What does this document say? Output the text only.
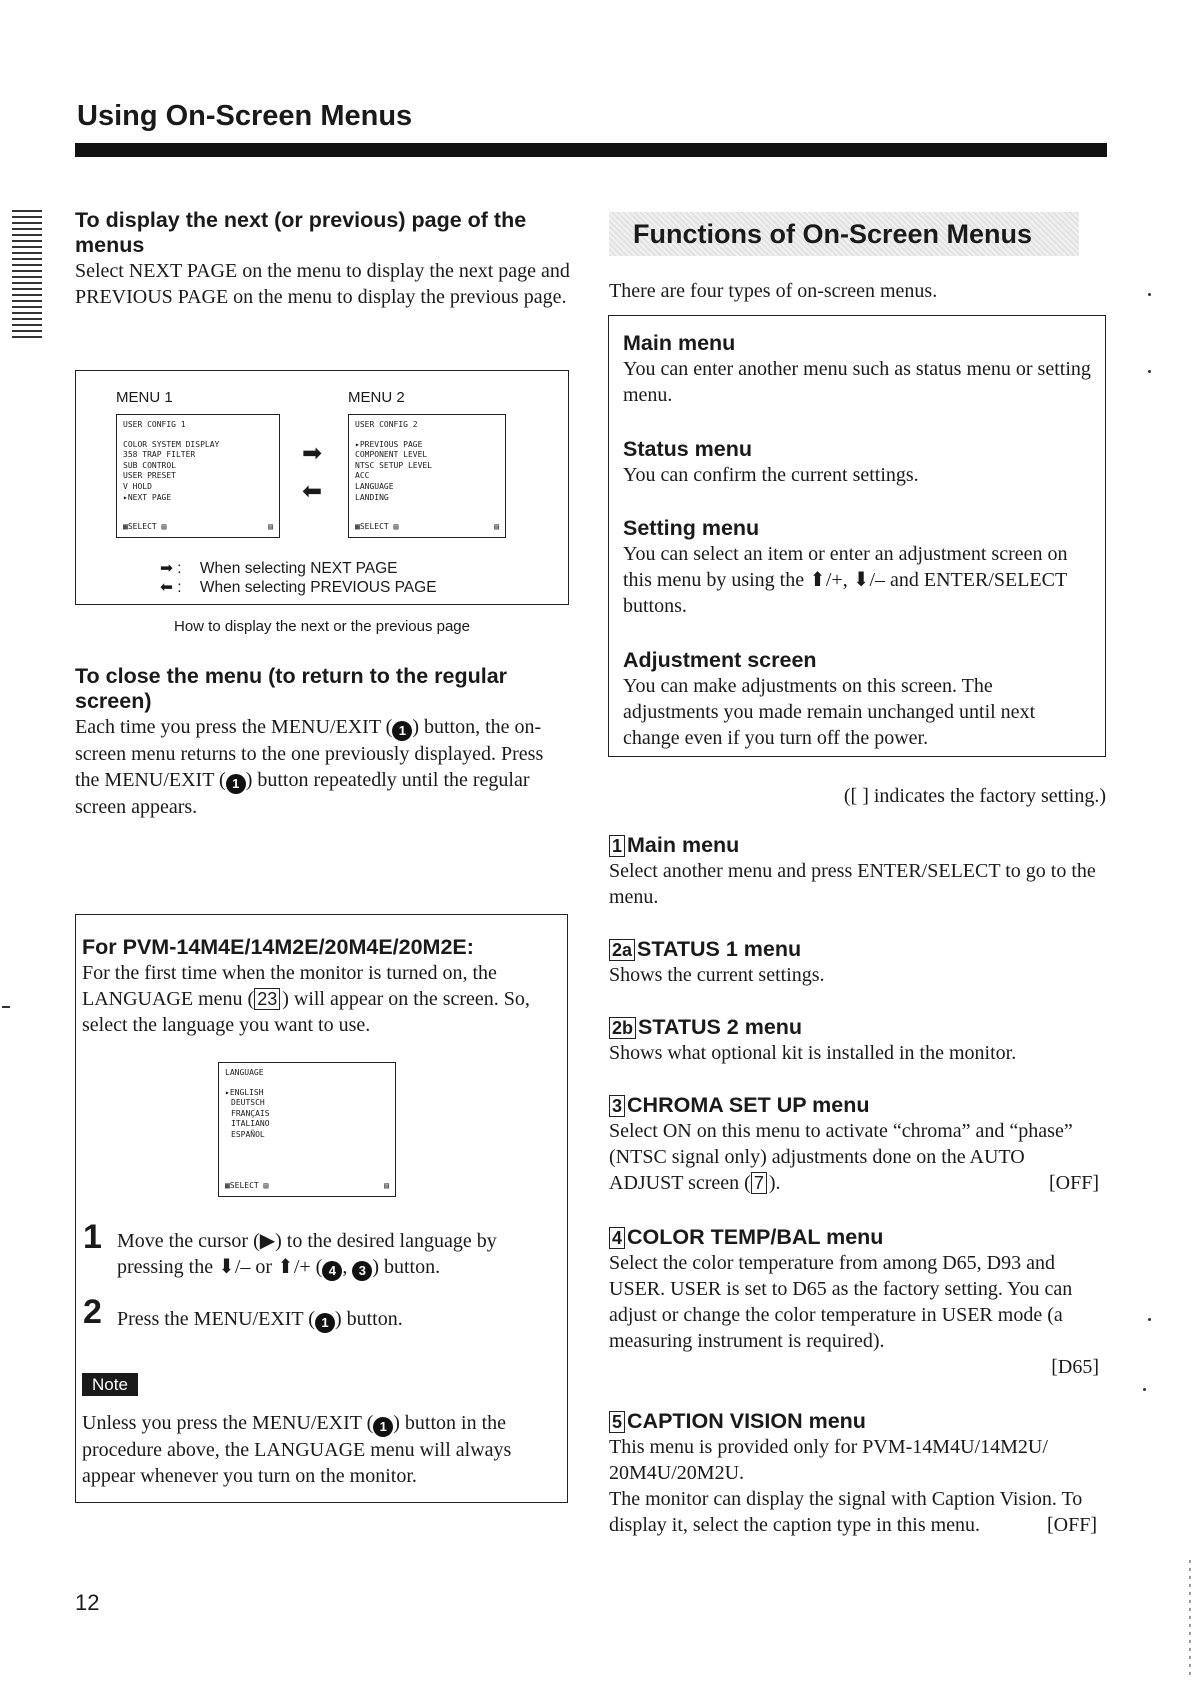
Using On-Screen Menus
To display the next (or previous) page of the menus

Select NEXT PAGE on the menu to display the next page and PREVIOUS PAGE on the menu to display the previous page.

MENU 1	MENU 2
USER CONFIG 1
COLOR SYSTEM DISPLAY
358 TRAP FILTER
SUB CONTROL
USER PRESET
V HOLD
▸NEXT PAGE
▦SELECT ▤	▤
➡
⬅
USER CONFIG 2
▸PREVIOUS PAGE
COMPONENT LEVEL
NTSC SETUP LEVEL
ACC
LANGUAGE
LANDING
▦SELECT ▤	▤
➡ : When selecting NEXT PAGE
⬅ : When selecting PREVIOUS PAGE
How to display the next or the previous page
To close the menu (to return to the regular screen)

Each time you press the MENU/EXIT ( 1 ) button, the on-screen menu returns to the one previously displayed. Press the MENU/EXIT ( 1 ) button repeatedly until the regular screen appears.

For PVM-14M4E/14M2E/20M4E/20M2E:

For the first time when the monitor is turned on, the LANGUAGE menu ( 23 ) will appear on the screen. So, select the language you want to use.

LANGUAGE
▸ENGLISH
DEUTSCH
FRANÇAIS
ITALIANO
ESPAÑOL
▦SELECT ▤	▤
1 Move the cursor (▶) to the desired language by pressing the ⬇/– or ⬆/+ ( 4 , 3 ) button.

2 Press the MENU/EXIT ( 1 ) button.

Note

Unless you press the MENU/EXIT ( 1 ) button in the procedure above, the LANGUAGE menu will always appear whenever you turn on the monitor.

12
Functions of On-Screen Menus

There are four types of on-screen menus.

Main menu

You can enter another menu such as status menu or setting menu.

Status menu

You can confirm the current settings.

Setting menu

You can select an item or enter an adjustment screen on this menu by using the ⬆/+, ⬇/– and ENTER/SELECT buttons.

Adjustment screen

You can make adjustments on this screen. The adjustments you made remain unchanged until next change even if you turn off the power.

([ ] indicates the factory setting.)

1 Main menu

Select another menu and press ENTER/SELECT to go to the menu.

2a STATUS 1 menu

Shows the current settings.

2b STATUS 2 menu

Shows what optional kit is installed in the monitor.

3 CHROMA SET UP menu

Select ON on this menu to activate “chroma” and “phase” (NTSC signal only) adjustments done on the AUTO ADJUST screen ( 7 ).	[OFF]

4 COLOR TEMP/BAL menu

Select the color temperature from among D65, D93 and USER. USER is set to D65 as the factory setting. You can adjust or change the color temperature in USER mode (a measuring instrument is required).

[D65]

5 CAPTION VISION menu

This menu is provided only for PVM-14M4U/14M2U/ 20M4U/20M2U.

The monitor can display the signal with Caption Vision. To display it, select the caption type in this menu.	[OFF]
